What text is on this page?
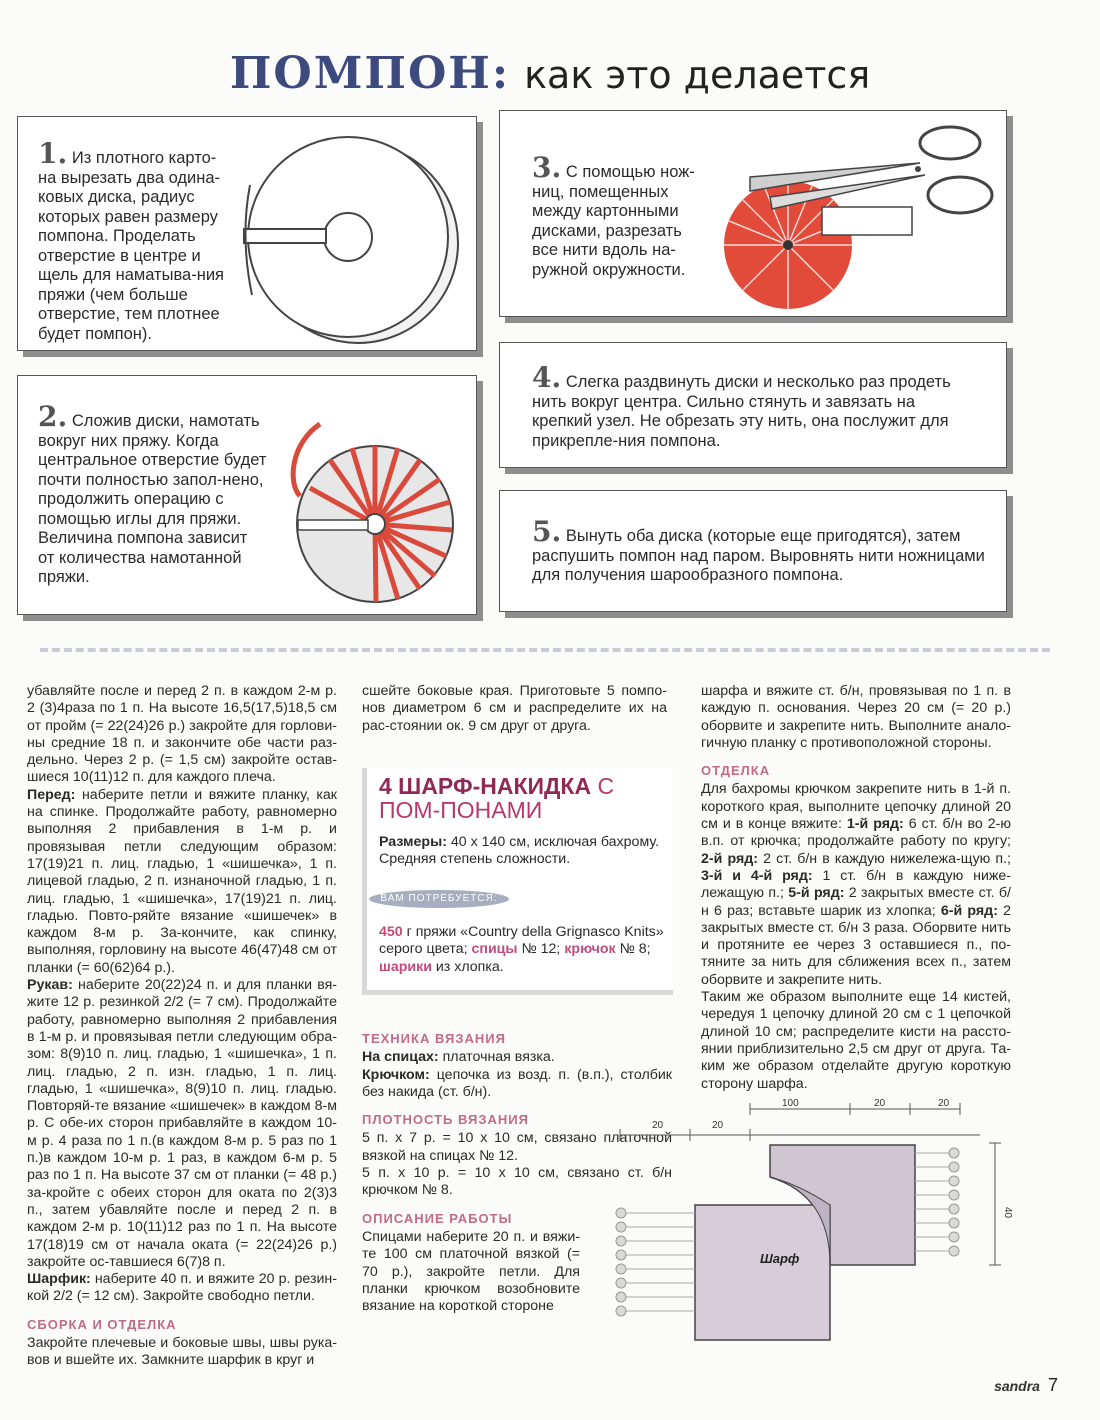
ПОМПОН: как это делается
1. Из плотного карто-на вырезать два одина-ковых диска, радиус которых равен размеру помпона. Проделать отверстие в центре и щель для наматыва-ния пряжи (чем больше отверстие, тем плотнее будет помпон).
2. Сложив диски, намотать вокруг них пряжу. Когда центральное отверстие будет почти полностью запол-нено, продолжить операцию с помощью иглы для пряжи. Величина помпона зависит от количества намотанной пряжи.
3. С помощью нож-ниц, помещенных между картонными дисками, разрезать все нити вдоль на-ружной окружности.
4. Слегка раздвинуть диски и несколько раз продеть нить вокруг центра. Сильно стянуть и завязать на крепкий узел. Не обрезать эту нить, она послужит для прикрепле-ния помпона.
5. Вынуть оба диска (которые еще пригодятся), затем распушить помпон над паром. Выровнять нити ножницами для получения шарообразного помпона.

убавляйте после и перед 2 п. в каждом 2-м р. 2 (3)4раза по 1 п. На высоте 16,5(17,5)18,5 см от пройм (= 22(24)26 р.) закройте для горлови-ны средние 18 п. и закончите обе части раз-дельно. Через 2 р. (= 1,5 см) закройте остав-шиеся 10(11)12 п. для каждого плеча.

Перед: наберите петли и вяжите планку, как на спинке. Продолжайте работу, равномерно выполняя 2 прибавления в 1-м р. и провязывая петли следующим образом: 17(19)21 п. лиц. гладью, 1 «шишечка», 1 п. лицевой гладью, 2 п. изнаночной гладью, 1 п. лиц. гладью, 1 «шишечка», 17(19)21 п. лиц. гладью. Повто-ряйте вязание «шишечек» в каждом 8-м р. За-кончите, как спинку, выполняя, горловину на высоте 46(47)48 см от планки (= 60(62)64 р.).

Рукав: наберите 20(22)24 п. и для планки вя-жите 12 р. резинкой 2/2 (= 7 см). Продолжайте работу, равномерно выполняя 2 прибавления в 1-м р. и провязывая петли следующим обра-зом: 8(9)10 п. лиц. гладью, 1 «шишечка», 1 п. лиц. гладью, 2 п. изн. гладью, 1 п. лиц. гладью, 1 «шишечка», 8(9)10 п. лиц. гладью. Повторяй-те вязание «шишечек» в каждом 8-м р. С обе-их сторон прибавляйте в каждом 10-м р. 4 раза по 1 п.(в каждом 8-м р. 5 раз по 1 п.)в каждом 10-м р. 1 раз, в каждом 6-м р. 5 раз по 1 п. На высоте 37 см от планки (= 48 р.) за-кройте с обеих сторон для оката по 2(3)3 п., затем убавляйте после и перед 2 п. в каждом 2-м р. 10(11)12 раз по 1 п. На высоте 17(18)19 см от начала оката (= 22(24)26 р.) закройте ос-тавшиеся 6(7)8 п.

Шарфик: наберите 40 п. и вяжите 20 р. резин-кой 2/2 (= 12 см). Закройте свободно петли.

СБОРКА И ОТДЕЛКА

Закройте плечевые и боковые швы, швы рука-вов и вшейте их. Замкните шарфик в круг и

сшейте боковые края. Приготовьте 5 помпо-нов диаметром 6 см и распределите их на рас-стоянии ок. 9 см друг от друга.

4 ШАРФ-НАКИДКА С ПОМ-ПОНАМИ
Размеры: 40 х 140 см, исключая бахрому. Средняя степень сложности.
ВАМ ПОТРЕБУЕТСЯ:
450 г пряжи «Country della Grignasco Knits» серого цвета; спицы № 12; крючок № 8; шарики из хлопка.
ТЕХНИКА ВЯЗАНИЯ

На спицах: платочная вязка.

Крючком: цепочка из возд. п. (в.п.), столбик без накида (ст. б/н).

ПЛОТНОСТЬ ВЯЗАНИЯ

5 п. х 7 р. = 10 х 10 см, связано платочной вязкой на спицах № 12.

5 п. х 10 р. = 10 х 10 см, связано ст. б/н крючком № 8.

ОПИСАНИЕ РАБОТЫ

Спицами наберите 20 п. и вяжи-те 100 см платочной вязкой (= 70 р.), закройте петли. Для планки крючком возобновите вязание на короткой стороне

шарфа и вяжите ст. б/н, провязывая по 1 п. в каждую п. основания. Через 20 см (= 20 р.) оборвите и закрепите нить. Выполните анало-гичную планку с противоположной стороны.

ОТДЕЛКА

Для бахромы крючком закрепите нить в 1-й п. короткого края, выполните цепочку длиной 20 см и в конце вяжите: 1-й ряд: 6 ст. б/н во 2-ю в.п. от крючка; продолжайте работу по кругу; 2-й ряд: 2 ст. б/н в каждую нижележа-щую п.; 3-й и 4-й ряд: 1 ст. б/н в каждую ниже-лежащую п.; 5-й ряд: 2 закрытых вместе ст. б/н 6 раз; вставьте шарик из хлопка; 6-й ряд: 2 закрытых вместе ст. б/н 3 раза. Оборвите нить и протяните ее через 3 оставшиеся п., по-тяните за нить для сближения всех п., затем оборвите и закрепите нить.

Таким же образом выполните еще 14 кистей, чередуя 1 цепочку длиной 20 см с 1 цепочкой длиной 10 см; распределите кисти на рассто-янии приблизительно 2,5 см друг от друга. Та-ким же образом отделайте другую короткую сторону шарфа.

20	20
100	20	20
40
Шарф
sandra 7
